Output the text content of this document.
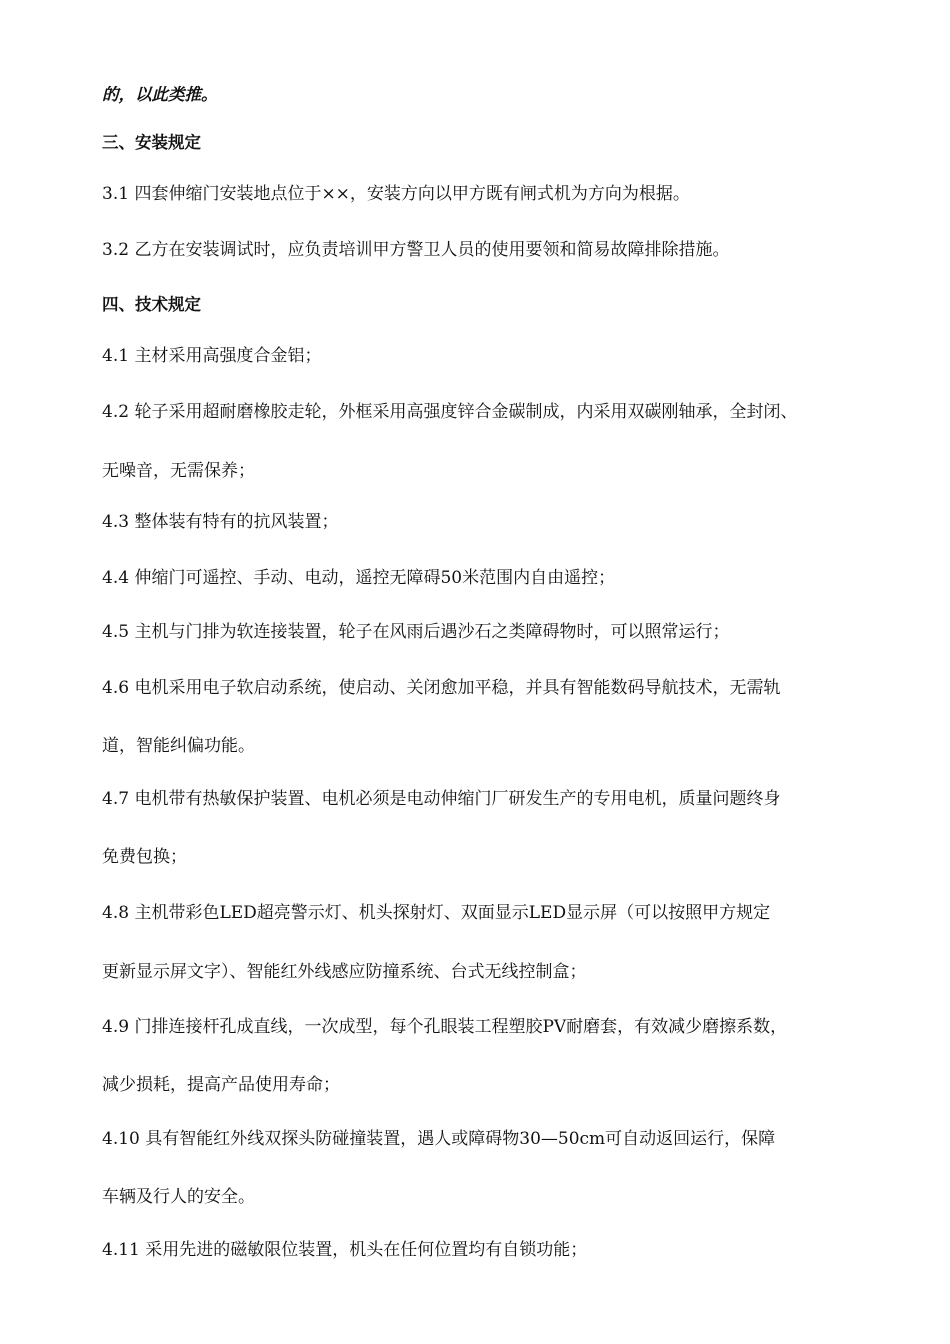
的，以此类推。
三、安装规定
3.1 四套伸缩门安装地点位于××，安装方向以甲方既有闸式机为方向为根据。
3.2 乙方在安装调试时，应负责培训甲方警卫人员的使用要领和简易故障排除措施。
四、技术规定
4.1 主材采用高强度合金铝；
4.2 轮子采用超耐磨橡胶走轮，外框采用高强度锌合金碳制成，内采用双碳刚轴承，全封闭、
无噪音，无需保养；
4.3 整体装有特有的抗风装置；
4.4 伸缩门可遥控、手动、电动，遥控无障碍50米范围内自由遥控；
4.5 主机与门排为软连接装置，轮子在风雨后遇沙石之类障碍物时，可以照常运行；
4.6 电机采用电子软启动系统，使启动、关闭愈加平稳，并具有智能数码导航技术，无需轨
道，智能纠偏功能。
4.7 电机带有热敏保护装置、电机必须是电动伸缩门厂研发生产的专用电机，质量问题终身
免费包换；
4.8 主机带彩色LED超亮警示灯、机头探射灯、双面显示LED显示屏（可以按照甲方规定
更新显示屏文字）、智能红外线感应防撞系统、台式无线控制盒；
4.9 门排连接杆孔成直线，一次成型，每个孔眼装工程塑胶PV耐磨套，有效减少磨擦系数，
减少损耗，提高产品使用寿命；
4.10 具有智能红外线双探头防碰撞装置，遇人或障碍物30—50cm可自动返回运行，保障
车辆及行人的安全。
4.11 采用先进的磁敏限位装置，机头在任何位置均有自锁功能；
